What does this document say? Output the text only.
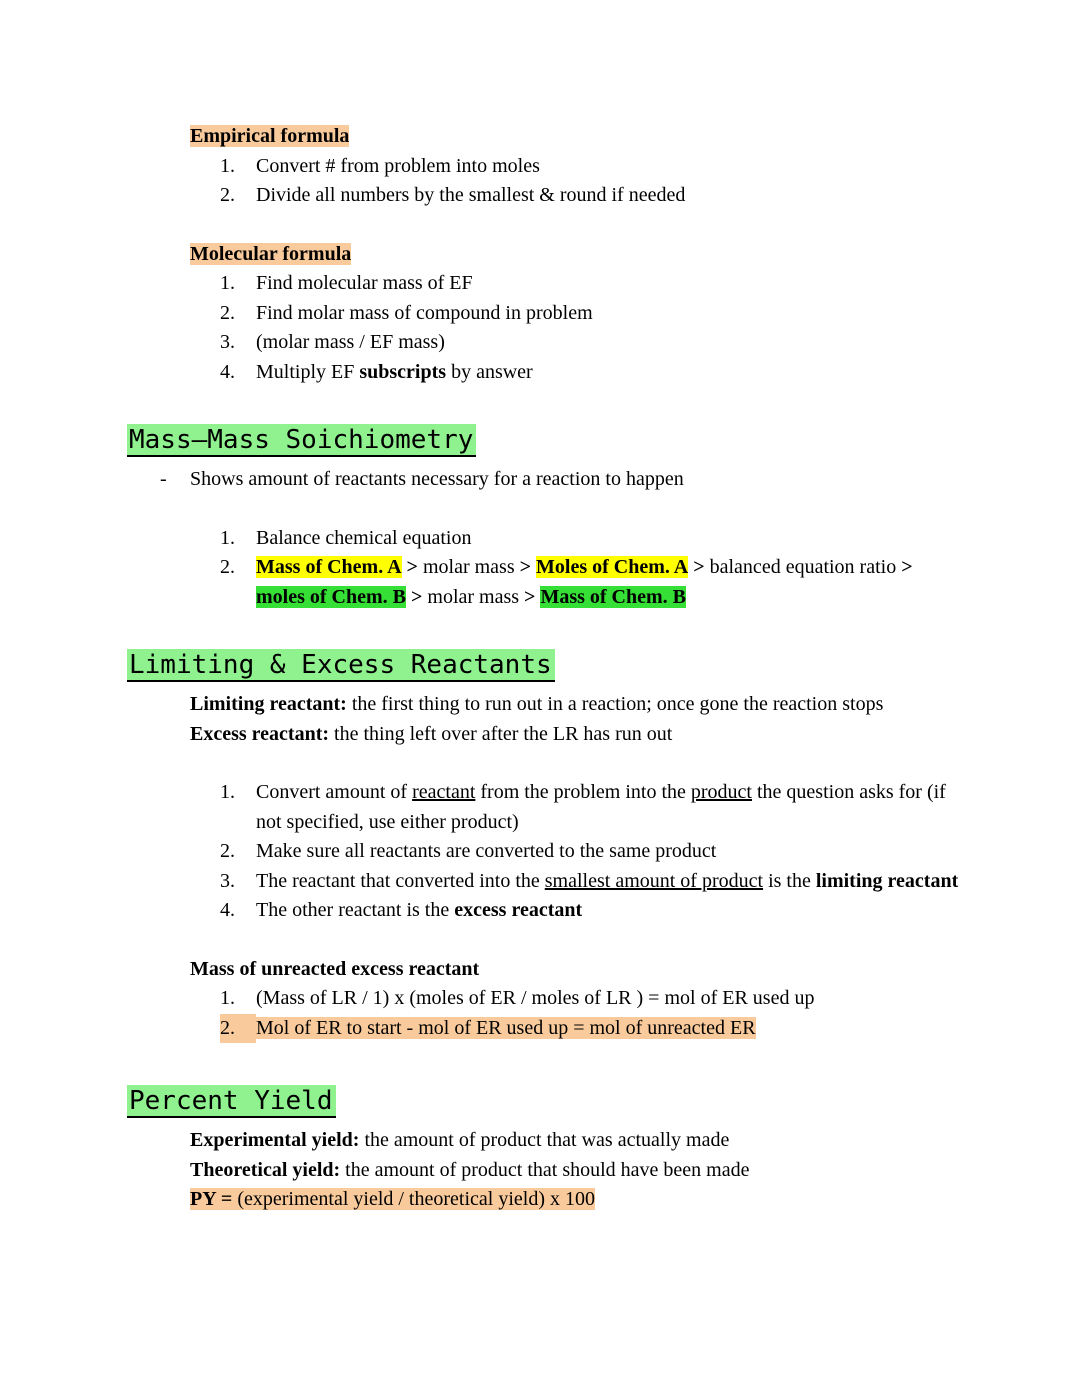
Empirical formula
1.	Convert # from problem into moles
2.	Divide all numbers by the smallest & round if needed
Molecular formula
1.	Find molecular mass of EF
2.	Find molar mass of compound in problem
3.	(molar mass / EF mass)
4.	Multiply EF subscripts by answer
Mass–Mass Soichiometry
-	Shows amount of reactants necessary for a reaction to happen
1.	Balance chemical equation
2.	Mass of Chem. A > molar mass > Moles of Chem. A > balanced equation ratio > moles of Chem. B > molar mass > Mass of Chem. B
Limiting & Excess Reactants
Limiting reactant: the first thing to run out in a reaction; once gone the reaction stops
Excess reactant: the thing left over after the LR has run out
1.	Convert amount of reactant from the problem into the product the question asks for (if not specified, use either product)
2.	Make sure all reactants are converted to the same product
3.	The reactant that converted into the smallest amount of product is the limiting reactant
4.	The other reactant is the excess reactant
Mass of unreacted excess reactant
1.	(Mass of LR / 1) x (moles of ER / moles of LR ) = mol of ER used up
2.	Mol of ER to start - mol of ER used up = mol of unreacted ER
Percent Yield
Experimental yield: the amount of product that was actually made
Theoretical yield: the amount of product that should have been made
PY = (experimental yield / theoretical yield) x 100
